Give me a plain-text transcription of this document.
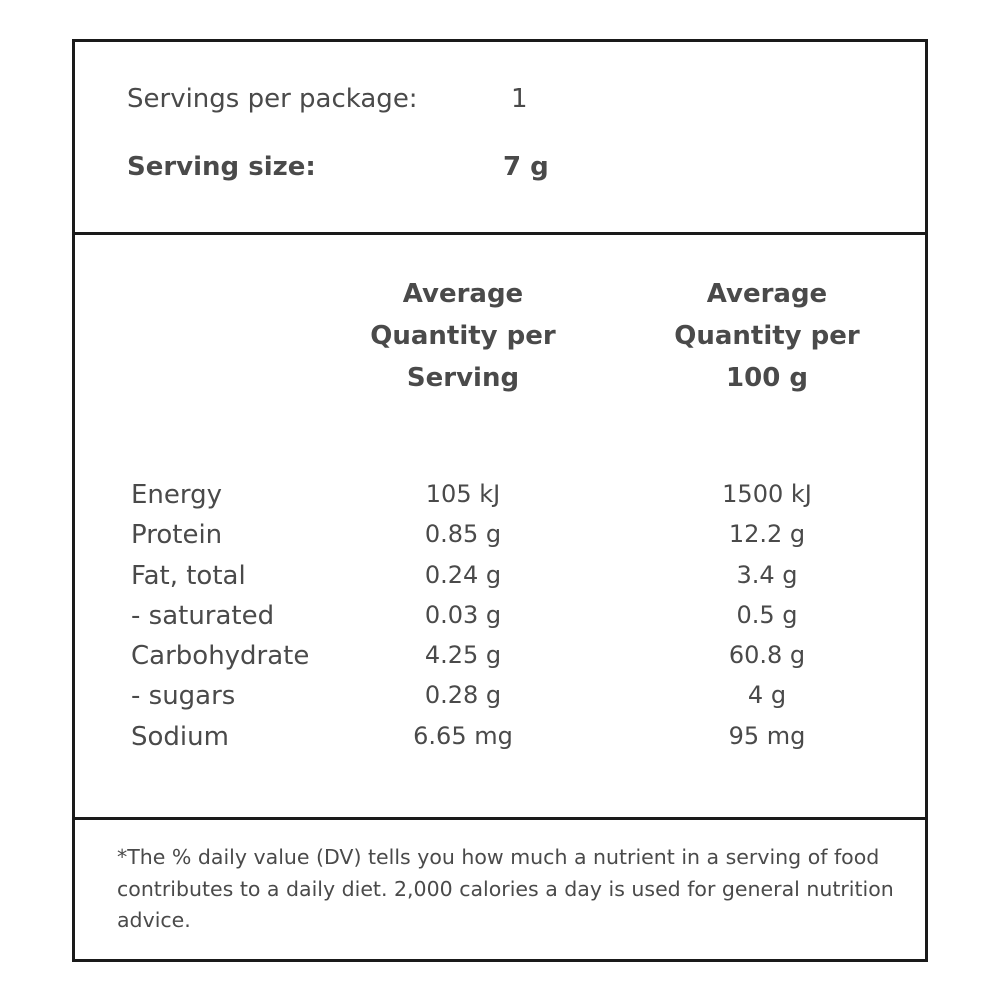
Servings per package:	1
Serving size:	7 g
Average
Quantity per
Serving
Average
Quantity per
100 g
Energy	105 kJ	1500 kJ
Protein	0.85 g	12.2 g
Fat, total	0.24 g	3.4 g
- saturated	0.03 g	0.5 g
Carbohydrate	4.25 g	60.8 g
- sugars	0.28 g	4 g
Sodium	6.65 mg	95 mg
*The % daily value (DV) tells you how much a nutrient in a serving of food contributes to a daily diet. 2,000 calories a day is used for general nutrition advice.
